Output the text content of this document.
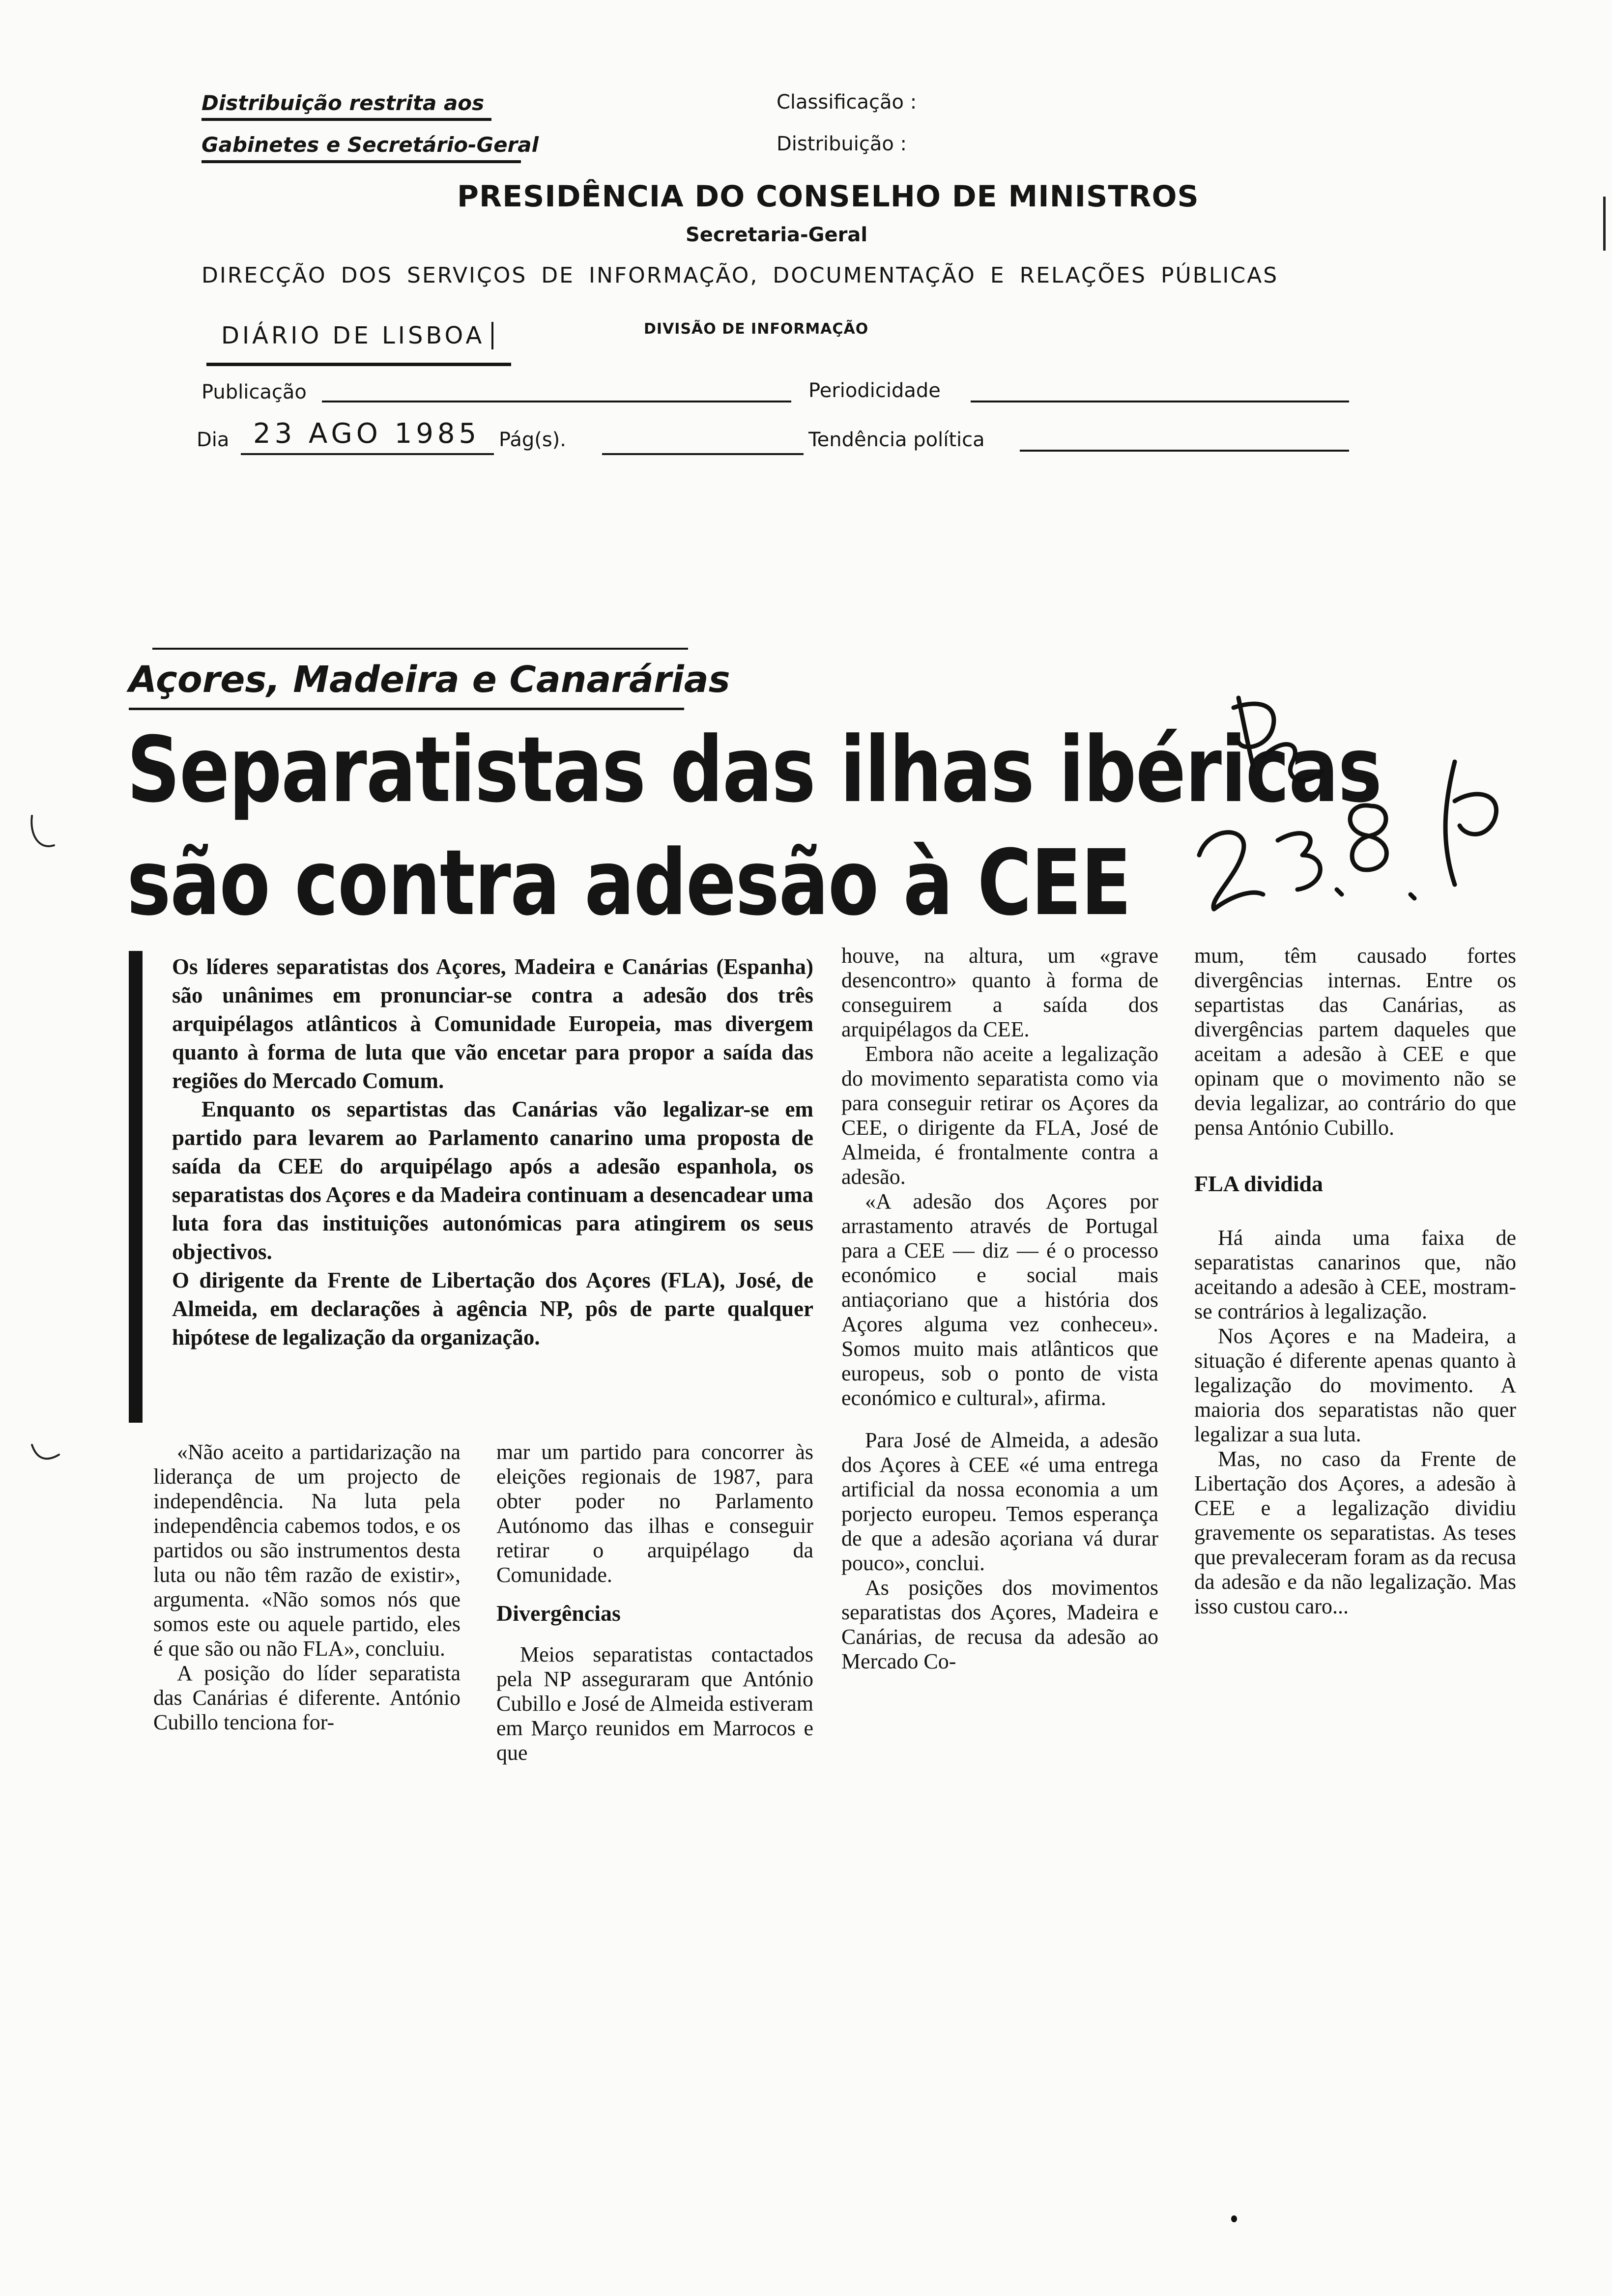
Distribuição restrita aos
Gabinetes e Secretário-Geral
Classificação :
Distribuição :
PRESIDÊNCIA DO CONSELHO DE MINISTROS
Secretaria-Geral
DIRECÇÃO DOS SERVIÇOS DE INFORMAÇÃO, DOCUMENTAÇÃO E RELAÇÕES PÚBLICAS
DIÁRIO DE LISBOA	DIVISÃO DE INFORMAÇÃO
Publicação	Periodicidade
Dia 23 AGO 1985 Pág(s).	Tendência política
Açores, Madeira e Canarárias
Separatistas das ilhas ibéricas
são contra adesão à CEE

Os líderes separatistas dos Açores, Madeira e Canárias (Espanha) são unânimes em pronunciar-se contra a adesão dos três arquipélagos atlânticos à Comunidade Europeia, mas divergem quanto à forma de luta que vão encetar para propor a saída das regiões do Mercado Comum.

Enquanto os separtistas das Canárias vão legalizar-se em partido para levarem ao Parlamento canarino uma proposta de saída da CEE do arquipélago após a adesão espanhola, os separatistas dos Açores e da Madeira continuam a desencadear uma luta fora das instituições autonómicas para atingirem os seus objectivos.

O dirigente da Frente de Libertação dos Açores (FLA), José, de Almeida, em declarações à agência NP, pôs de parte qualquer hipótese de legalização da organização.

«Não aceito a partidarização na liderança de um projecto de independência. Na luta pela independência cabemos todos, e os partidos ou são instrumentos desta luta ou não têm razão de existir», argumenta. «Não somos nós que somos este ou aquele partido, eles é que são ou não FLA», concluiu.

A posição do líder separatista das Canárias é diferente. António Cubillo tenciona for-

mar um partido para concorrer às eleições regionais de 1987, para obter poder no Parlamento Autónomo das ilhas e conseguir retirar o arquipélago da Comunidade.

Divergências

Meios separatistas contactados pela NP asseguraram que António Cubillo e José de Almeida estiveram em Março reunidos em Marrocos e que

houve, na altura, um «grave desencontro» quanto à forma de conseguirem a saída dos arquipélagos da CEE.

Embora não aceite a legalização do movimento separatista como via para conseguir retirar os Açores da CEE, o dirigente da FLA, José de Almeida, é frontalmente contra a adesão.

«A adesão dos Açores por arrastamento através de Portugal para a CEE — diz — é o processo económico e social mais antiaçoriano que a história dos Açores alguma vez conheceu». Somos muito mais atlânticos que europeus, sob o ponto de vista económico e cultural», afirma.

Para José de Almeida, a adesão dos Açores à CEE «é uma entrega artificial da nossa economia a um porjecto europeu. Temos esperança de que a adesão açoriana vá durar pouco», conclui.

As posições dos movimentos separatistas dos Açores, Madeira e Canárias, de recusa da adesão ao Mercado Co-

mum, têm causado fortes divergências internas. Entre os separtistas das Canárias, as divergências partem daqueles que aceitam a adesão à CEE e que opinam que o movimento não se devia legalizar, ao contrário do que pensa António Cubillo.

FLA dividida

Há ainda uma faixa de separatistas canarinos que, não aceitando a adesão à CEE, mostram-se contrários à legalização.

Nos Açores e na Madeira, a situação é diferente apenas quanto à legalização do movimento. A maioria dos separatistas não quer legalizar a sua luta.

Mas, no caso da Frente de Libertação dos Açores, a adesão à CEE e a legalização dividiu gravemente os separatistas. As teses que prevaleceram foram as da recusa da adesão e da não legalização. Mas isso custou caro...
